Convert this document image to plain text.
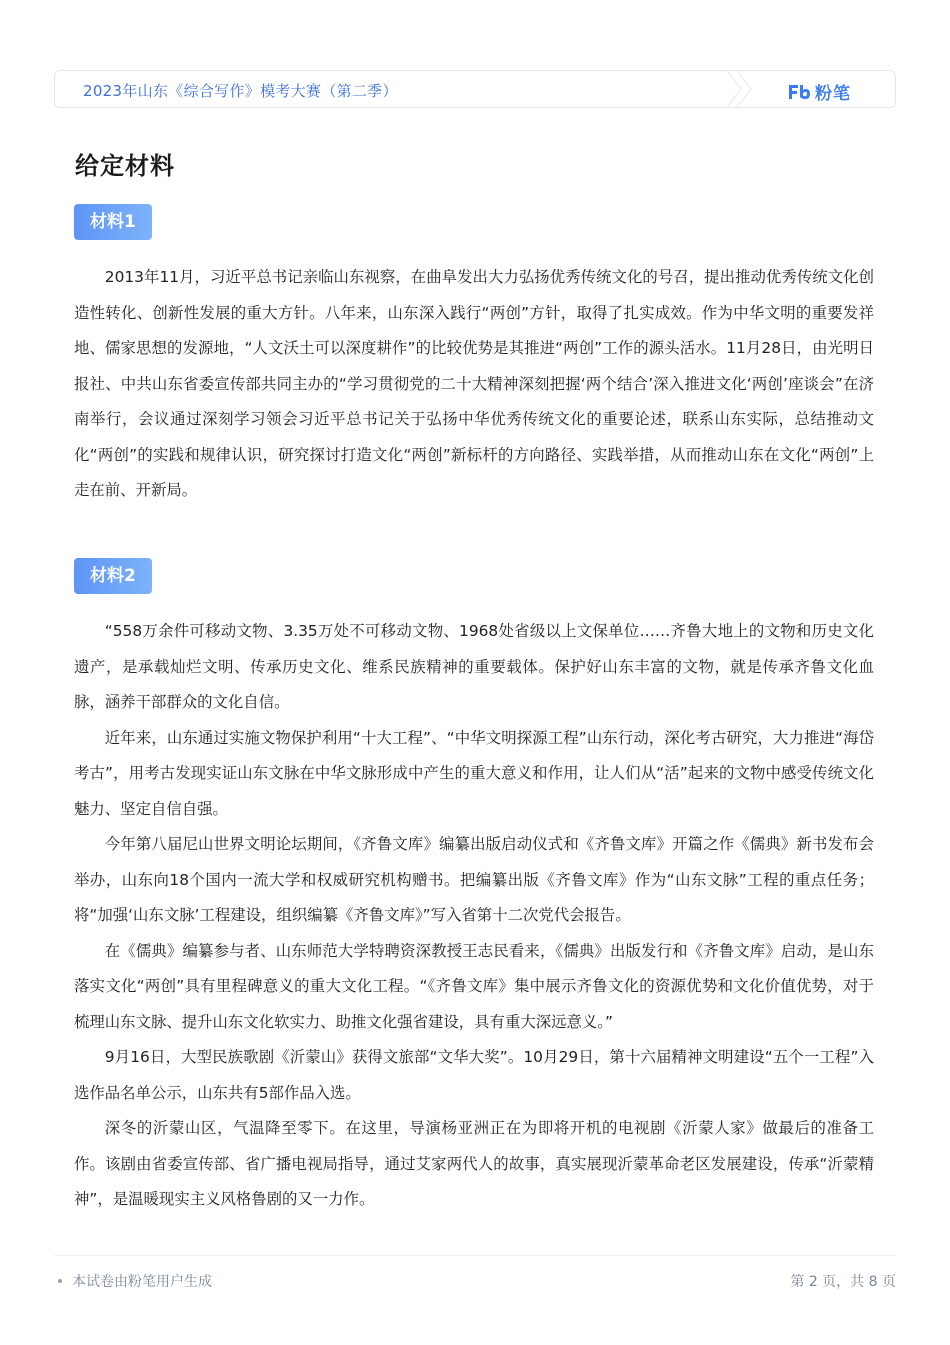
2023年山东《综合写作》模考大赛（第二季）	粉笔
给定材料
材料1

2013年11月，习近平总书记亲临山东视察，在曲阜发出大力弘扬优秀传统文化的号召，提出推动优秀传统文化创造性转化、创新性发展的重大方针。八年来，山东深入践行“两创”方针，取得了扎实成效。作为中华文明的重要发祥地、儒家思想的发源地，“人文沃土可以深度耕作”的比较优势是其推进“两创”工作的源头活水。11月28日，由光明日报社、中共山东省委宣传部共同主办的“学习贯彻党的二十大精神深刻把握‘两个结合’深入推进文化‘两创’座谈会”在济南举行，会议通过深刻学习领会习近平总书记关于弘扬中华优秀传统文化的重要论述，联系山东实际，总结推动文化“两创”的实践和规律认识，研究探讨打造文化“两创”新标杆的方向路径、实践举措，从而推动山东在文化“两创”上走在前、开新局。

材料2

“558万余件可移动文物、3.35万处不可移动文物、1968处省级以上文保单位……齐鲁大地上的文物和历史文化遗产，是承载灿烂文明、传承历史文化、维系民族精神的重要载体。保护好山东丰富的文物，就是传承齐鲁文化血脉，涵养干部群众的文化自信。

近年来，山东通过实施文物保护利用“十大工程”、“中华文明探源工程”山东行动，深化考古研究，大力推进“海岱考古”，用考古发现实证山东文脉在中华文脉形成中产生的重大意义和作用，让人们从“活”起来的文物中感受传统文化魅力、坚定自信自强。

今年第八届尼山世界文明论坛期间，《齐鲁文库》编纂出版启动仪式和《齐鲁文库》开篇之作《儒典》新书发布会举办，山东向18个国内一流大学和权威研究机构赠书。把编纂出版《齐鲁文库》作为“山东文脉”工程的重点任务；将“加强‘山东文脉’工程建设，组织编纂《齐鲁文库》”写入省第十二次党代会报告。

在《儒典》编纂参与者、山东师范大学特聘资深教授王志民看来，《儒典》出版发行和《齐鲁文库》启动，是山东落实文化“两创”具有里程碑意义的重大文化工程。“《齐鲁文库》集中展示齐鲁文化的资源优势和文化价值优势，对于梳理山东文脉、提升山东文化软实力、助推文化强省建设，具有重大深远意义。”

9月16日，大型民族歌剧《沂蒙山》获得文旅部“文华大奖”。10月29日，第十六届精神文明建设“五个一工程”入选作品名单公示，山东共有5部作品入选。

深冬的沂蒙山区，气温降至零下。在这里，导演杨亚洲正在为即将开机的电视剧《沂蒙人家》做最后的准备工作。该剧由省委宣传部、省广播电视局指导，通过艾家两代人的故事，真实展现沂蒙革命老区发展建设，传承“沂蒙精神”，是温暖现实主义风格鲁剧的又一力作。

本试卷由粉笔用户生成	第 2 页，共 8 页
